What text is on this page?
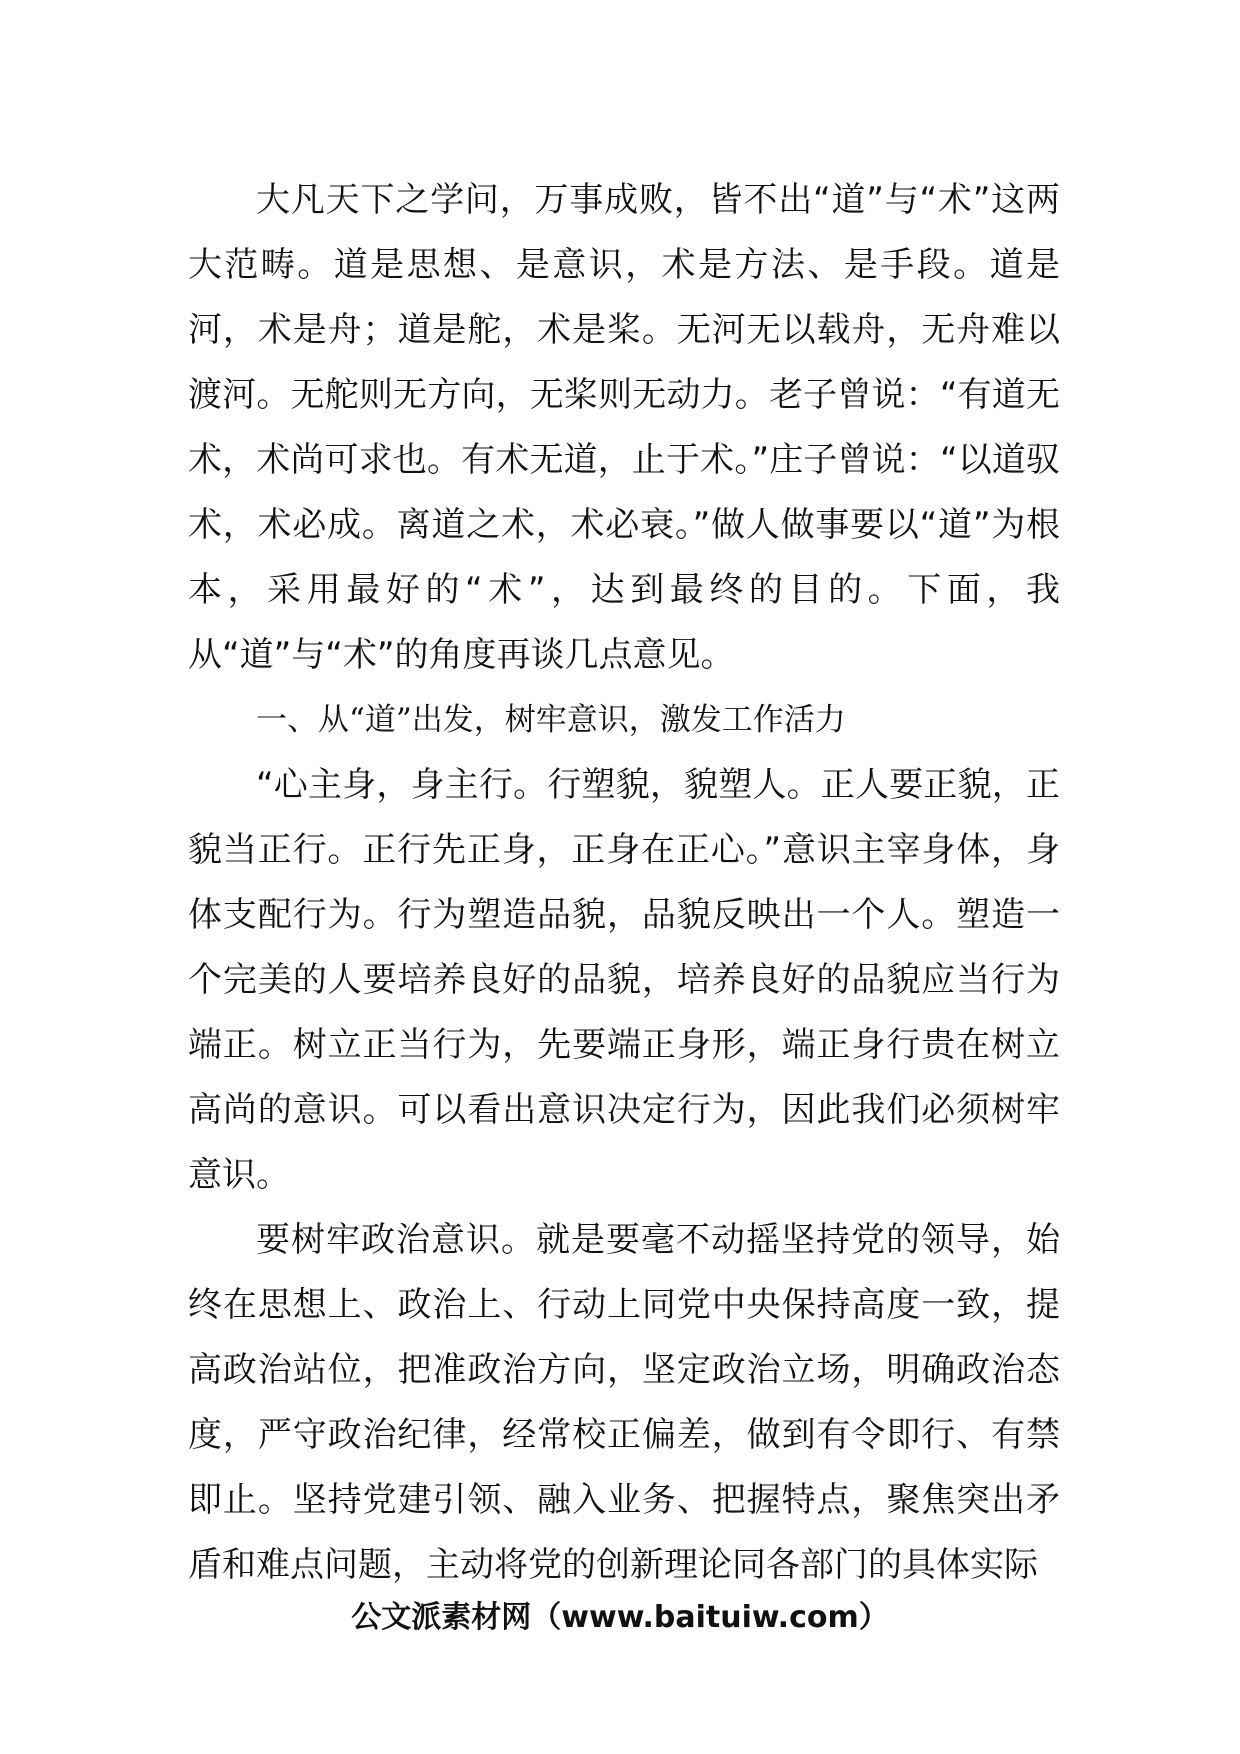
大凡天下之学问，万事成败，皆不出“道”与“术”这两大范畴。道是思想、是意识，术是方法、是手段。道是河，术是舟；道是舵，术是桨。无河无以载舟，无舟难以渡河。无舵则无方向，无桨则无动力。老子曾说：“有道无术，术尚可求也。有术无道，止于术。”庄子曾说：“以道驭术，术必成。离道之术，术必衰。”做人做事要以“道”为根本，采用最好的“术”，达到最终的目的。下面，我从“道”与“术”的角度再谈几点意见。

一、从“道”出发，树牢意识，激发工作活力

“心主身，身主行。行塑貌，貌塑人。正人要正貌，正貌当正行。正行先正身，正身在正心。”意识主宰身体，身体支配行为。行为塑造品貌，品貌反映出一个人。塑造一个完美的人要培养良好的品貌，培养良好的品貌应当行为端正。树立正当行为，先要端正身形，端正身行贵在树立高尚的意识。可以看出意识决定行为，因此我们必须树牢意识。

要树牢政治意识。就是要毫不动摇坚持党的领导，始终在思想上、政治上、行动上同党中央保持高度一致，提高政治站位，把准政治方向，坚定政治立场，明确政治态度，严守政治纪律，经常校正偏差，做到有令即行、有禁即止。坚持党建引领、融入业务、把握特点，聚焦突出矛盾和难点问题，主动将党的创新理论同各部门的具体实际

公文派素材网（www.baituiw.com）
